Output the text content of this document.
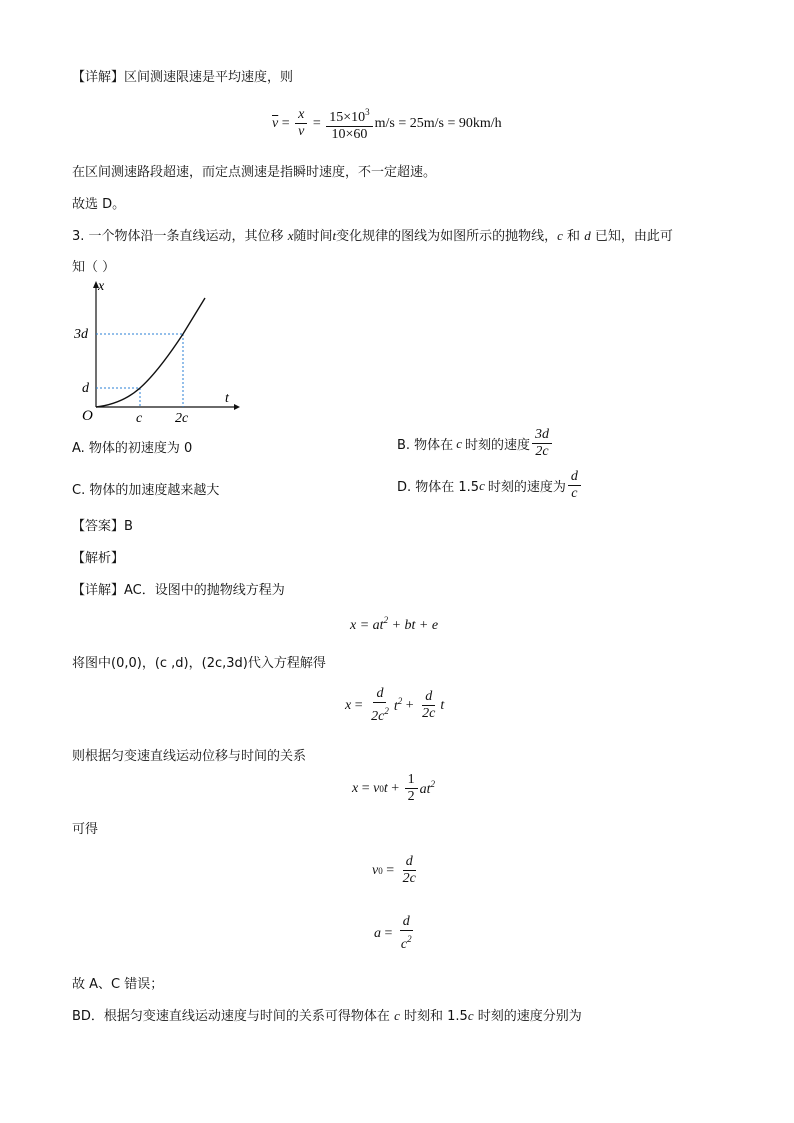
【详解】区间测速限速是平均速度，则
$\overline{v} = \frac{x}{v} = \frac{15\times 10^3}{10\times 60} m/s = 25m/s = 90km/h$
在区间测速路段超速，而定点测速是指瞬时速度，不一定超速。
故选 D。
3. 一个物体沿一条直线运动，其位移 x随时间t变化规律的图线为如图所示的抛物线，c 和 d 已知，由此可
知（ ）
x
t
O	c 2c
d
3d
A. 物体的初速度为 0	B. 物体在 c 时刻的速度 $\frac{3d}{2c}$
C. 物体的加速度越来越大	D. 物体在 1.5 c 时刻的速度为 $\frac{d}{c}$
【答案】B
【解析】
【详解】AC．设图中的抛物线方程为
$x = at^2$ + bt + e
将图中(0,0)，(c ,d)，(2c,3d)代入方程解得
$x = \frac{d}{2c^2} t^2 + \frac{d}{2c}$ t
则根据匀变速直线运动位移与时间的关系
x = v 0 $t + \frac{1}{2} at^2$
可得
v $0 = \frac{d}{2c}$
$a = \frac{d}{c^2}$
故 A、C 错误；
BD．根据匀变速直线运动速度与时间的关系可得物体在 c 时刻和 1.5c 时刻的速度分别为
